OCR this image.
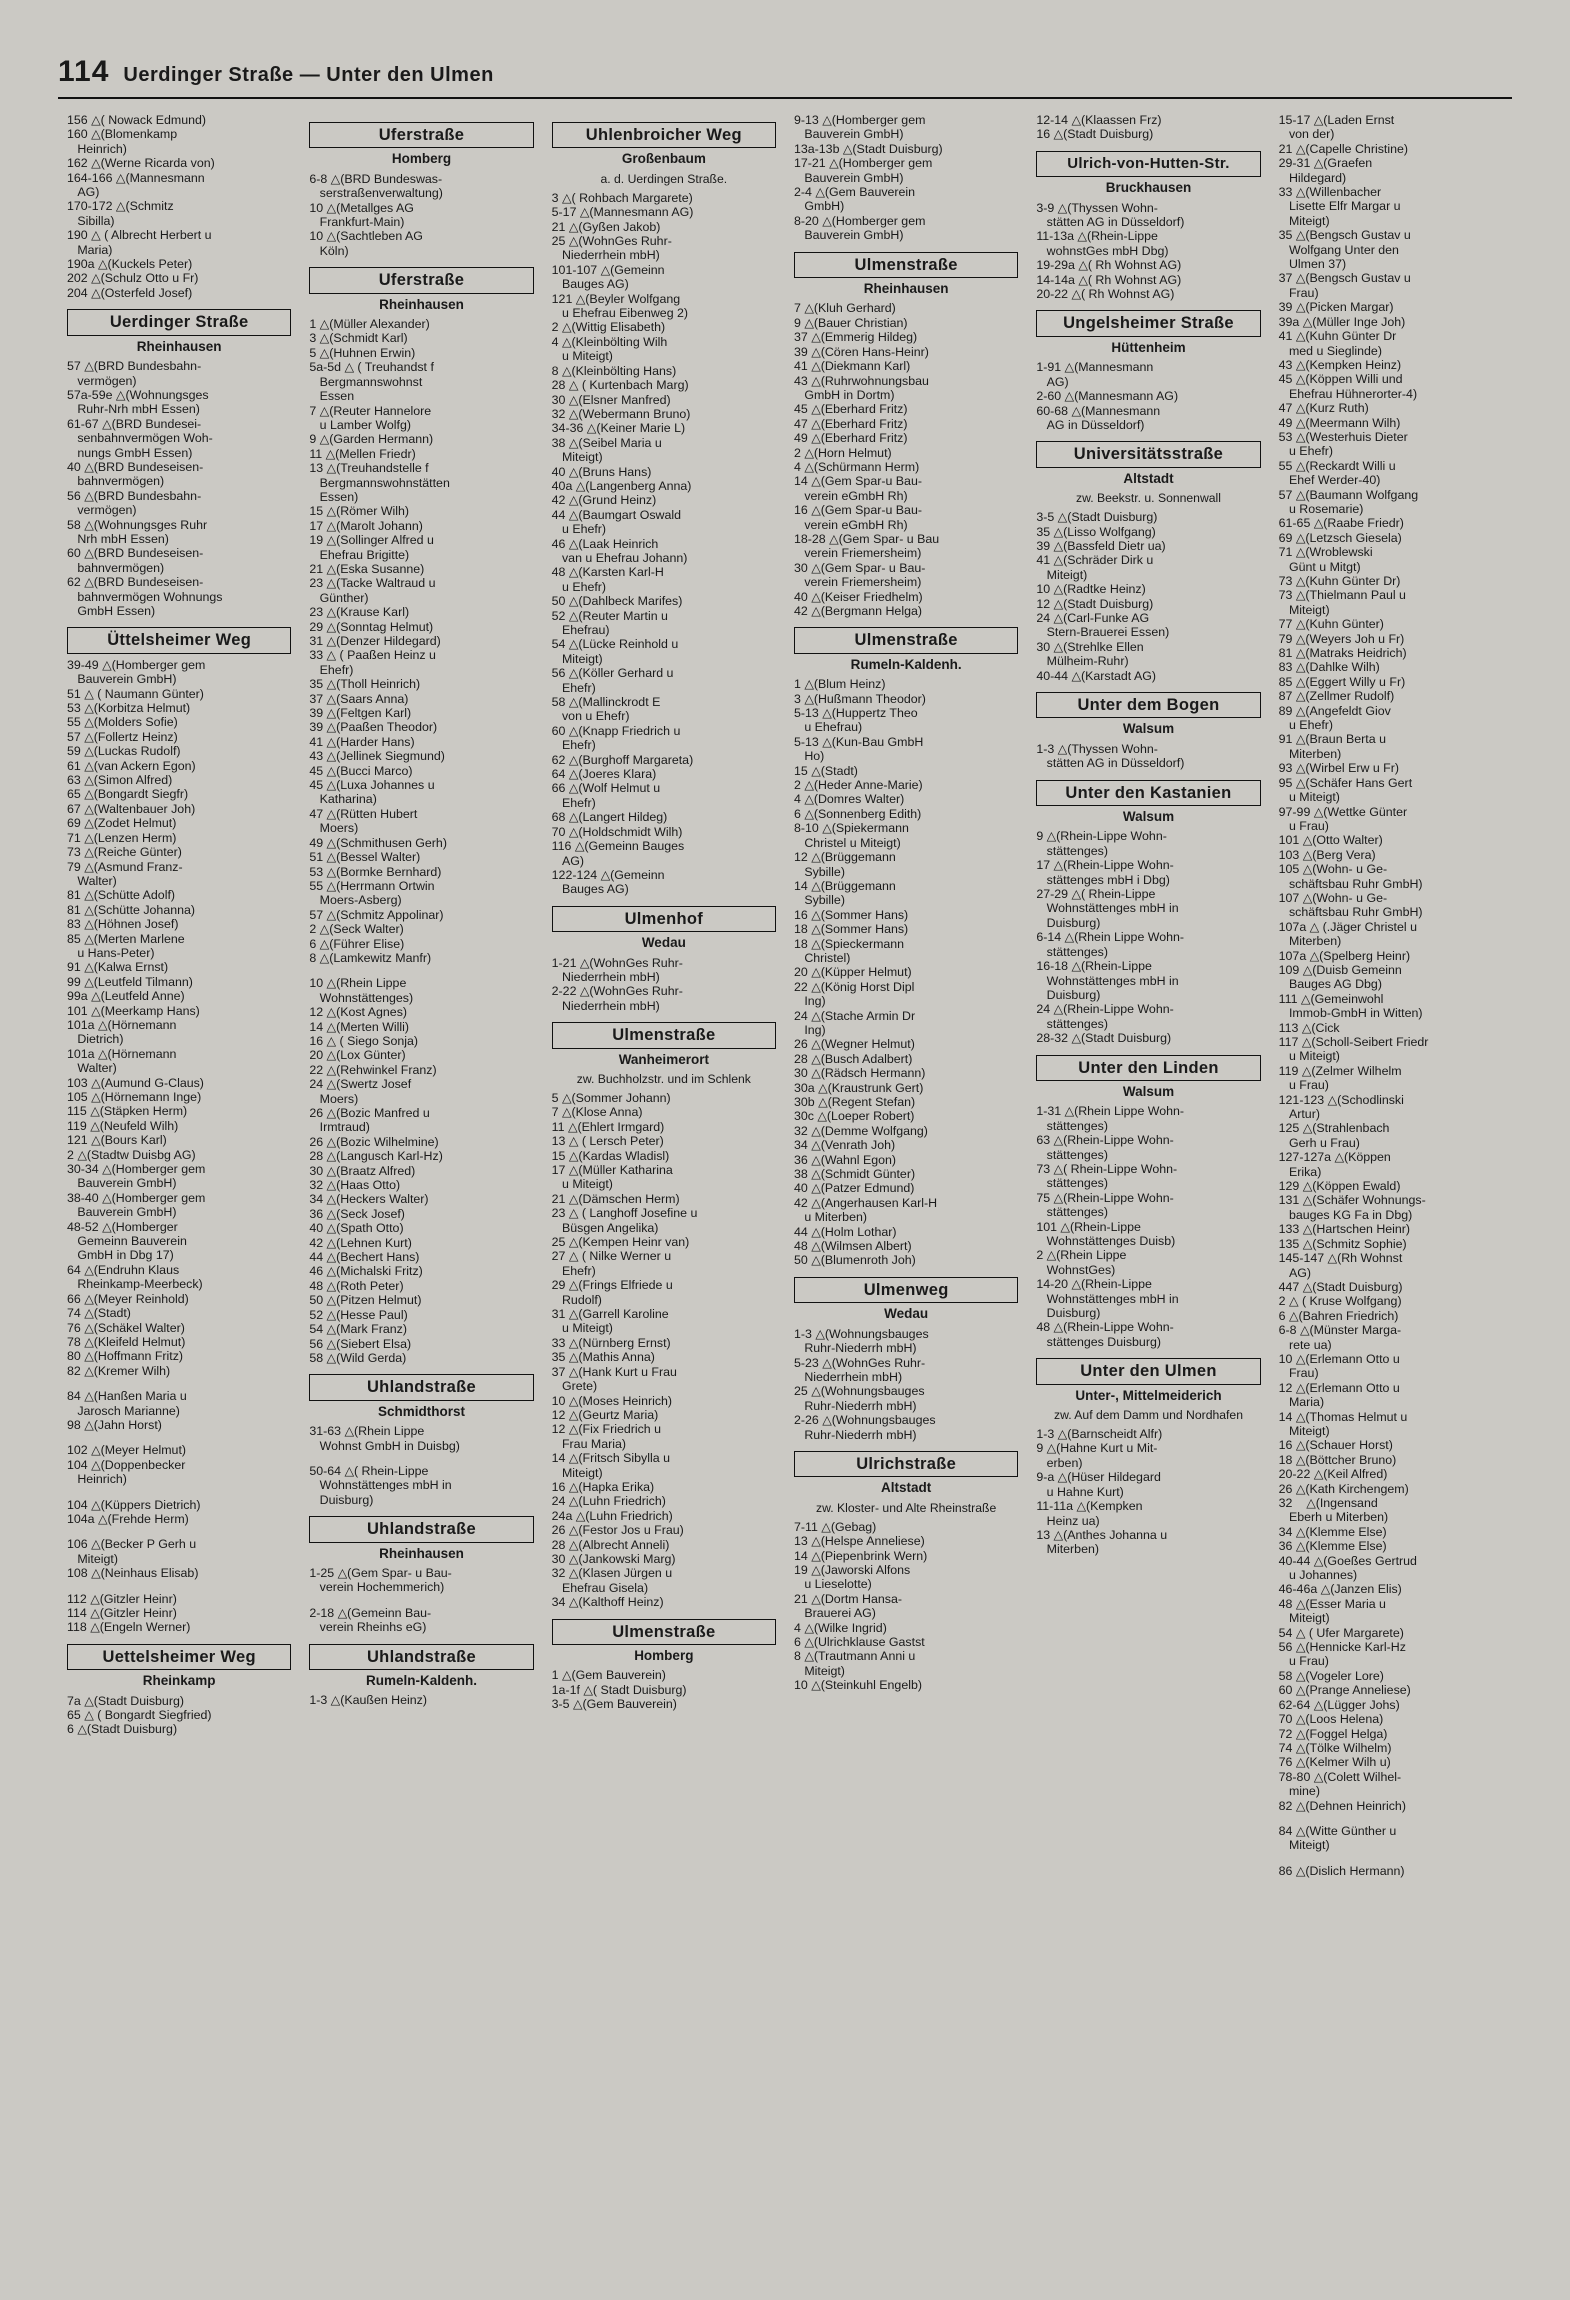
114 Uerdinger Straße — Unter den Ulmen
156 △( Nowack Edmund)
160 △(Blomenkamp
Heinrich)
162 △(Werne Ricarda von)
164-166 △(Mannesmann
AG)
170-172 △(Schmitz
Sibilla)
190 △ ( Albrecht Herbert u
Maria)
190a △(Kuckels Peter)
202 △(Schulz Otto u Fr)
204 △(Osterfeld Josef)
Uerdinger Straße
Rheinhausen
57 △(BRD Bundesbahn-
vermögen)
57a-59e △(Wohnungsges
Ruhr-Nrh mbH Essen)
61-67 △(BRD Bundesei-
senbahnvermögen Woh-
nungs GmbH Essen)
40 △(BRD Bundeseisen-
bahnvermögen)
56 △(BRD Bundesbahn-
vermögen)
58 △(Wohnungsges Ruhr
Nrh mbH Essen)
60 △(BRD Bundeseisen-
bahnvermögen)
62 △(BRD Bundeseisen-
bahnvermögen Wohnungs
GmbH Essen)
Üttelsheimer Weg
39-49 △(Homberger gem
Bauverein GmbH)
51 △ ( Naumann Günter)
53 △(Korbitza Helmut)
55 △(Molders Sofie)
57 △(Follertz Heinz)
59 △(Luckas Rudolf)
61 △(van Ackern Egon)
63 △(Simon Alfred)
65 △(Bongardt Siegfr)
67 △(Waltenbauer Joh)
69 △(Zodet Helmut)
71 △(Lenzen Herm)
73 △(Reiche Günter)
79 △(Asmund Franz-
Walter)
81 △(Schütte Adolf)
81 △(Schütte Johanna)
83 △(Höhnen Josef)
85 △(Merten Marlene
u Hans-Peter)
91 △(Kalwa Ernst)
99 △(Leutfeld Tilmann)
99a △(Leutfeld Anne)
101 △(Meerkamp Hans)
101a △(Hörnemann
Dietrich)
101a △(Hörnemann
Walter)
103 △(Aumund G-Claus)
105 △(Hörnemann Inge)
115 △(Stäpken Herm)
119 △(Neufeld Wilh)
121 △(Bours Karl)
2 △(Stadtw Duisbg AG)
30-34 △(Homberger gem
Bauverein GmbH)
38-40 △(Homberger gem
Bauverein GmbH)
48-52 △(Homberger
Gemeinn Bauverein
GmbH in Dbg 17)
64 △(Endruhn Klaus
Rheinkamp-Meerbeck)
66 △(Meyer Reinhold)
74 △(Stadt)
76 △(Schäkel Walter)
78 △(Kleifeld Helmut)
80 △(Hoffmann Fritz)
82 △(Kremer Wilh)
84 △(Hanßen Maria u
Jarosch Marianne)
98 △(Jahn Horst)
102 △(Meyer Helmut)
104 △(Doppenbecker
Heinrich)
104 △(Küppers Dietrich)
104a △(Frehde Herm)
106 △(Becker P Gerh u
Miteigt)
108 △(Neinhaus Elisab)
112 △(Gitzler Heinr)
114 △(Gitzler Heinr)
118 △(Engeln Werner)
Uettelsheimer Weg
Rheinkamp
7a △(Stadt Duisburg)
65 △ ( Bongardt Siegfried)
6 △(Stadt Duisburg)
Uferstraße
Homberg
6-8 △(BRD Bundeswas-
serstraßenverwaltung)
10 △(Metallges AG
Frankfurt-Main)
10 △(Sachtleben AG
Köln)
Uferstraße
Rheinhausen
1 △(Müller Alexander)
3 △(Schmidt Karl)
5 △(Huhnen Erwin)
5a-5d △ ( Treuhandst f
Bergmannswohnst
Essen
7 △(Reuter Hannelore
u Lamber Wolfg)
9 △(Garden Hermann)
11 △(Mellen Friedr)
13 △(Treuhandstelle f
Bergmannswohnstätten
Essen)
15 △(Römer Wilh)
17 △(Marolt Johann)
19 △(Sollinger Alfred u
Ehefrau Brigitte)
21 △(Eska Susanne)
23 △(Tacke Waltraud u
Günther)
23 △(Krause Karl)
29 △(Sonntag Helmut)
31 △(Denzer Hildegard)
33 △ ( Paaßen Heinz u
Ehefr)
35 △(Tholl Heinrich)
37 △(Saars Anna)
39 △(Feltgen Karl)
39 △(Paaßen Theodor)
41 △(Harder Hans)
43 △(Jellinek Siegmund)
45 △(Bucci Marco)
45 △(Luxa Johannes u
Katharina)
47 △(Rütten Hubert
Moers)
49 △(Schmithusen Gerh)
51 △(Bessel Walter)
53 △(Bormke Bernhard)
55 △(Herrmann Ortwin
Moers-Asberg)
57 △(Schmitz Appolinar)
2 △(Seck Walter)
6 △(Führer Elise)
8 △(Lamkewitz Manfr)
10 △(Rhein Lippe
Wohnstättenges)
12 △(Kost Agnes)
14 △(Merten Willi)
16 △ ( Siego Sonja)
20 △(Lox Günter)
22 △(Rehwinkel Franz)
24 △(Swertz Josef
Moers)
26 △(Bozic Manfred u
Irmtraud)
26 △(Bozic Wilhelmine)
28 △(Langusch Karl-Hz)
30 △(Braatz Alfred)
32 △(Haas Otto)
34 △(Heckers Walter)
36 △(Seck Josef)
40 △(Spath Otto)
42 △(Lehnen Kurt)
44 △(Bechert Hans)
46 △(Michalski Fritz)
48 △(Roth Peter)
50 △(Pitzen Helmut)
52 △(Hesse Paul)
54 △(Mark Franz)
56 △(Siebert Elsa)
58 △(Wild Gerda)
Uhlandstraße
Schmidthorst
31-63 △(Rhein Lippe
Wohnst GmbH in Duisbg)
50-64 △( Rhein-Lippe
Wohnstättenges mbH in
Duisburg)
Uhlandstraße
Rheinhausen
1-25 △(Gem Spar- u Bau-
verein Hochemmerich)
2-18 △(Gemeinn Bau-
verein Rheinhs eG)
Uhlandstraße
Rumeln-Kaldenh.
1-3 △(Kaußen Heinz)
Uhlenbroicher Weg
Großenbaum
a. d. Uerdingen Straße.
3 △( Rohbach Margarete)
5-17 △(Mannesmann AG)
21 △(Gyßen Jakob)
25 △(WohnGes Ruhr-
Niederrhein mbH)
101-107 △(Gemeinn
Bauges AG)
121 △(Beyler Wolfgang
u Ehefrau Eibenweg 2)
2 △(Wittig Elisabeth)
4 △(Kleinbölting Wilh
u Miteigt)
8 △(Kleinbölting Hans)
28 △ ( Kurtenbach Marg)
30 △(Elsner Manfred)
32 △(Webermann Bruno)
34-36 △(Keiner Marie L)
38 △(Seibel Maria u
Miteigt)
40 △(Bruns Hans)
40a △(Langenberg Anna)
42 △(Grund Heinz)
44 △(Baumgart Oswald
u Ehefr)
46 △(Laak Heinrich
van u Ehefrau Johann)
48 △(Karsten Karl-H
u Ehefr)
50 △(Dahlbeck Marifes)
52 △(Reuter Martin u
Ehefrau)
54 △(Lücke Reinhold u
Miteigt)
56 △(Köller Gerhard u
Ehefr)
58 △(Mallinckrodt E
von u Ehefr)
60 △(Knapp Friedrich u
Ehefr)
62 △(Burghoff Margareta)
64 △(Joeres Klara)
66 △(Wolf Helmut u
Ehefr)
68 △(Langert Hildeg)
70 △(Holdschmidt Wilh)
116 △(Gemeinn Bauges
AG)
122-124 △(Gemeinn
Bauges AG)
Ulmenhof
Wedau
1-21 △(WohnGes Ruhr-
Niederrhein mbH)
2-22 △(WohnGes Ruhr-
Niederrhein mbH)
Ulmenstraße
Wanheimerort
zw. Buchholzstr. und im Schlenk
5 △(Sommer Johann)
7 △(Klose Anna)
11 △(Ehlert Irmgard)
13 △ ( Lersch Peter)
15 △(Kardas Wladisl)
17 △(Müller Katharina
u Miteigt)
21 △(Dämschen Herm)
23 △ ( Langhoff Josefine u
Büsgen Angelika)
25 △(Kempen Heinr van)
27 △ ( Nilke Werner u
Ehefr)
29 △(Frings Elfriede u
Rudolf)
31 △(Garrell Karoline
u Miteigt)
33 △(Nürnberg Ernst)
35 △(Mathis Anna)
37 △(Hank Kurt u Frau
Grete)
10 △(Moses Heinrich)
12 △(Geurtz Maria)
12 △(Fix Friedrich u
Frau Maria)
14 △(Fritsch Sibylla u
Miteigt)
16 △(Hapka Erika)
24 △(Luhn Friedrich)
24a △(Luhn Friedrich)
26 △(Festor Jos u Frau)
28 △(Albrecht Anneli)
30 △(Jankowski Marg)
32 △(Klasen Jürgen u
Ehefrau Gisela)
34 △(Kalthoff Heinz)
Ulmenstraße
Homberg
1 △(Gem Bauverein)
1a-1f △( Stadt Duisburg)
3-5 △(Gem Bauverein)
9-13 △(Homberger gem
Bauverein GmbH)
13a-13b △(Stadt Duisburg)
17-21 △(Homberger gem
Bauverein GmbH)
2-4 △(Gem Bauverein
GmbH)
8-20 △(Homberger gem
Bauverein GmbH)
Ulmenstraße
Rheinhausen
7 △(Kluh Gerhard)
9 △(Bauer Christian)
37 △(Emmerig Hildeg)
39 △(Cören Hans-Heinr)
41 △(Diekmann Karl)
43 △(Ruhrwohnungsbau
GmbH in Dortm)
45 △(Eberhard Fritz)
47 △(Eberhard Fritz)
49 △(Eberhard Fritz)
2 △(Horn Helmut)
4 △(Schürmann Herm)
14 △(Gem Spar-u Bau-
verein eGmbH Rh)
16 △(Gem Spar-u Bau-
verein eGmbH Rh)
18-28 △(Gem Spar- u Bau
verein Friemersheim)
30 △(Gem Spar- u Bau-
verein Friemersheim)
40 △(Keiser Friedhelm)
42 △(Bergmann Helga)
Ulmenstraße
Rumeln-Kaldenh.
1 △(Blum Heinz)
3 △(Hußmann Theodor)
5-13 △(Huppertz Theo
u Ehefrau)
5-13 △(Kun-Bau GmbH
Ho)
15 △(Stadt)
2 △(Heder Anne-Marie)
4 △(Domres Walter)
6 △(Sonnenberg Edith)
8-10 △(Spiekermann
Christel u Miteigt)
12 △(Brüggemann
Sybille)
14 △(Brüggemann
Sybille)
16 △(Sommer Hans)
18 △(Sommer Hans)
18 △(Spieckermann
Christel)
20 △(Küpper Helmut)
22 △(König Horst Dipl
Ing)
24 △(Stache Armin Dr
Ing)
26 △(Wegner Helmut)
28 △(Busch Adalbert)
30 △(Rädsch Hermann)
30a △(Kraustrunk Gert)
30b △(Regent Stefan)
30c △(Loeper Robert)
32 △(Demme Wolfgang)
34 △(Venrath Joh)
36 △(Wahnl Egon)
38 △(Schmidt Günter)
40 △(Patzer Edmund)
42 △(Angerhausen Karl-H
u Miterben)
44 △(Holm Lothar)
48 △(Wilmsen Albert)
50 △(Blumenroth Joh)
Ulmenweg
Wedau
1-3 △(Wohnungsbauges
Ruhr-Niederrh mbH)
5-23 △(WohnGes Ruhr-
Niederrhein mbH)
25 △(Wohnungsbauges
Ruhr-Niederrh mbH)
2-26 △(Wohnungsbauges
Ruhr-Niederrh mbH)
Ulrichstraße
Altstadt
zw. Kloster- und Alte Rheinstraße
7-11 △(Gebag)
13 △(Helspe Anneliese)
14 △(Piepenbrink Wern)
19 △(Jaworski Alfons
u Lieselotte)
21 △(Dortm Hansa-
Brauerei AG)
4 △(Wilke Ingrid)
6 △(Ulrichklause Gastst
8 △(Trautmann Anni u
Miteigt)
10 △(Steinkuhl Engelb)
12-14 △(Klaassen Frz)
16 △(Stadt Duisburg)
Ulrich-von-Hutten-Str.
Bruckhausen
3-9 △(Thyssen Wohn-
stätten AG in Düsseldorf)
11-13a △(Rhein-Lippe
wohnstGes mbH Dbg)
19-29a △( Rh Wohnst AG)
14-14a △( Rh Wohnst AG)
20-22 △( Rh Wohnst AG)
Ungelsheimer Straße
Hüttenheim
1-91 △(Mannesmann
AG)
2-60 △(Mannesmann AG)
60-68 △(Mannesmann
AG in Düsseldorf)
Universitätsstraße
Altstadt
zw. Beekstr. u. Sonnenwall
3-5 △(Stadt Duisburg)
35 △(Lisso Wolfgang)
39 △(Bassfeld Dietr ua)
41 △(Schräder Dirk u
Miteigt)
10 △(Radtke Heinz)
12 △(Stadt Duisburg)
24 △(Carl-Funke AG
Stern-Brauerei Essen)
30 △(Strehlke Ellen
Mülheim-Ruhr)
40-44 △(Karstadt AG)
Unter dem Bogen
Walsum
1-3 △(Thyssen Wohn-
stätten AG in Düsseldorf)
Unter den Kastanien
Walsum
9 △(Rhein-Lippe Wohn-
stättenges)
17 △(Rhein-Lippe Wohn-
stättenges mbH i Dbg)
27-29 △( Rhein-Lippe
Wohnstättenges mbH in
Duisburg)
6-14 △(Rhein Lippe Wohn-
stättenges)
16-18 △(Rhein-Lippe
Wohnstättenges mbH in
Duisburg)
24 △(Rhein-Lippe Wohn-
stättenges)
28-32 △(Stadt Duisburg)
Unter den Linden
Walsum
1-31 △(Rhein Lippe Wohn-
stättenges)
63 △(Rhein-Lippe Wohn-
stättenges)
73 △( Rhein-Lippe Wohn-
stättenges)
75 △(Rhein-Lippe Wohn-
stättenges)
101 △(Rhein-Lippe
Wohnstättenges Duisb)
2 △(Rhein Lippe
WohnstGes)
14-20 △(Rhein-Lippe
Wohnstättenges mbH in
Duisburg)
48 △(Rhein-Lippe Wohn-
stättenges Duisburg)
Unter den Ulmen
Unter-, Mittelmeiderich
zw. Auf dem Damm und Nordhafen
1-3 △(Barnscheidt Alfr)
9 △(Hahne Kurt u Mit-
erben)
9-a △(Hüser Hildegard
u Hahne Kurt)
11-11a △(Kempken
Heinz ua)
13 △(Anthes Johanna u
Miterben)
15-17 △(Laden Ernst
von der)
21 △(Capelle Christine)
29-31 △(Graefen
Hildegard)
33 △(Willenbacher
Lisette Elfr Margar u
Miteigt)
35 △(Bengsch Gustav u
Wolfgang Unter den
Ulmen 37)
37 △(Bengsch Gustav u
Frau)
39 △(Picken Margar)
39a △(Müller Inge Joh)
41 △(Kuhn Günter Dr
med u Sieglinde)
43 △(Kempken Heinz)
45 △(Köppen Willi und
Ehefrau Hühnerorter-4)
47 △(Kurz Ruth)
49 △(Meermann Wilh)
53 △(Westerhuis Dieter
u Ehefr)
55 △(Reckardt Willi u
Ehef Werder-40)
57 △(Baumann Wolfgang
u Rosemarie)
61-65 △(Raabe Friedr)
69 △(Letzsch Giesela)
71 △(Wroblewski
Günt u Mitgt)
73 △(Kuhn Günter Dr)
73 △(Thielmann Paul u
Miteigt)
77 △(Kuhn Günter)
79 △(Weyers Joh u Fr)
81 △(Matraks Heidrich)
83 △(Dahlke Wilh)
85 △(Eggert Willy u Fr)
87 △(Zellmer Rudolf)
89 △(Angefeldt Giov
u Ehefr)
91 △(Braun Berta u
Miterben)
93 △(Wirbel Erw u Fr)
95 △(Schäfer Hans Gert
u Miteigt)
97-99 △(Wettke Günter
u Frau)
101 △(Otto Walter)
103 △(Berg Vera)
105 △(Wohn- u Ge-
schäftsbau Ruhr GmbH)
107 △(Wohn- u Ge-
schäftsbau Ruhr GmbH)
107a △ (.Jäger Christel u
Miterben)
107a △(Spelberg Heinr)
109 △(Duisb Gemeinn
Bauges AG Dbg)
111 △(Gemeinwohl
Immob-GmbH in Witten)
113 △(Cick
117 △(Scholl-Seibert Friedr
u Miteigt)
119 △(Zelmer Wilhelm
u Frau)
121-123 △(Schodlinski
Artur)
125 △(Strahlenbach
Gerh u Frau)
127-127a △(Köppen
Erika)
129 △(Köppen Ewald)
131 △(Schäfer Wohnungs-
bauges KG Fa in Dbg)
133 △(Hartschen Heinr)
135 △(Schmitz Sophie)
145-147 △(Rh Wohnst
AG)
447 △(Stadt Duisburg)
2 △ ( Kruse Wolfgang)
6 △(Bahren Friedrich)
6-8 △(Münster Marga-
rete ua)
10 △(Erlemann Otto u
Frau)
12 △(Erlemann Otto u
Maria)
14 △(Thomas Helmut u
Miteigt)
16 △(Schauer Horst)
18 △(Böttcher Bruno)
20-22 △(Keil Alfred)
26 △(Kath Kirchengem)
32    △(Ingensand
Eberh u Miterben)
34 △(Klemme Else)
36 △(Klemme Else)
40-44 △(Goeßes Gertrud
u Johannes)
46-46a △(Janzen Elis)
48 △(Esser Maria u
Miteigt)
54 △ ( Ufer Margarete)
56 △(Hennicke Karl-Hz
u Frau)
58 △(Vogeler Lore)
60 △(Prange Anneliese)
62-64 △(Lügger Johs)
70 △(Loos Helena)
72 △(Foggel Helga)
74 △(Tölke Wilhelm)
76 △(Kelmer Wilh u)
78-80 △(Colett Wilhel-
mine)
82 △(Dehnen Heinrich)
84 △(Witte Günther u
Miteigt)
86 △(Dislich Hermann)
